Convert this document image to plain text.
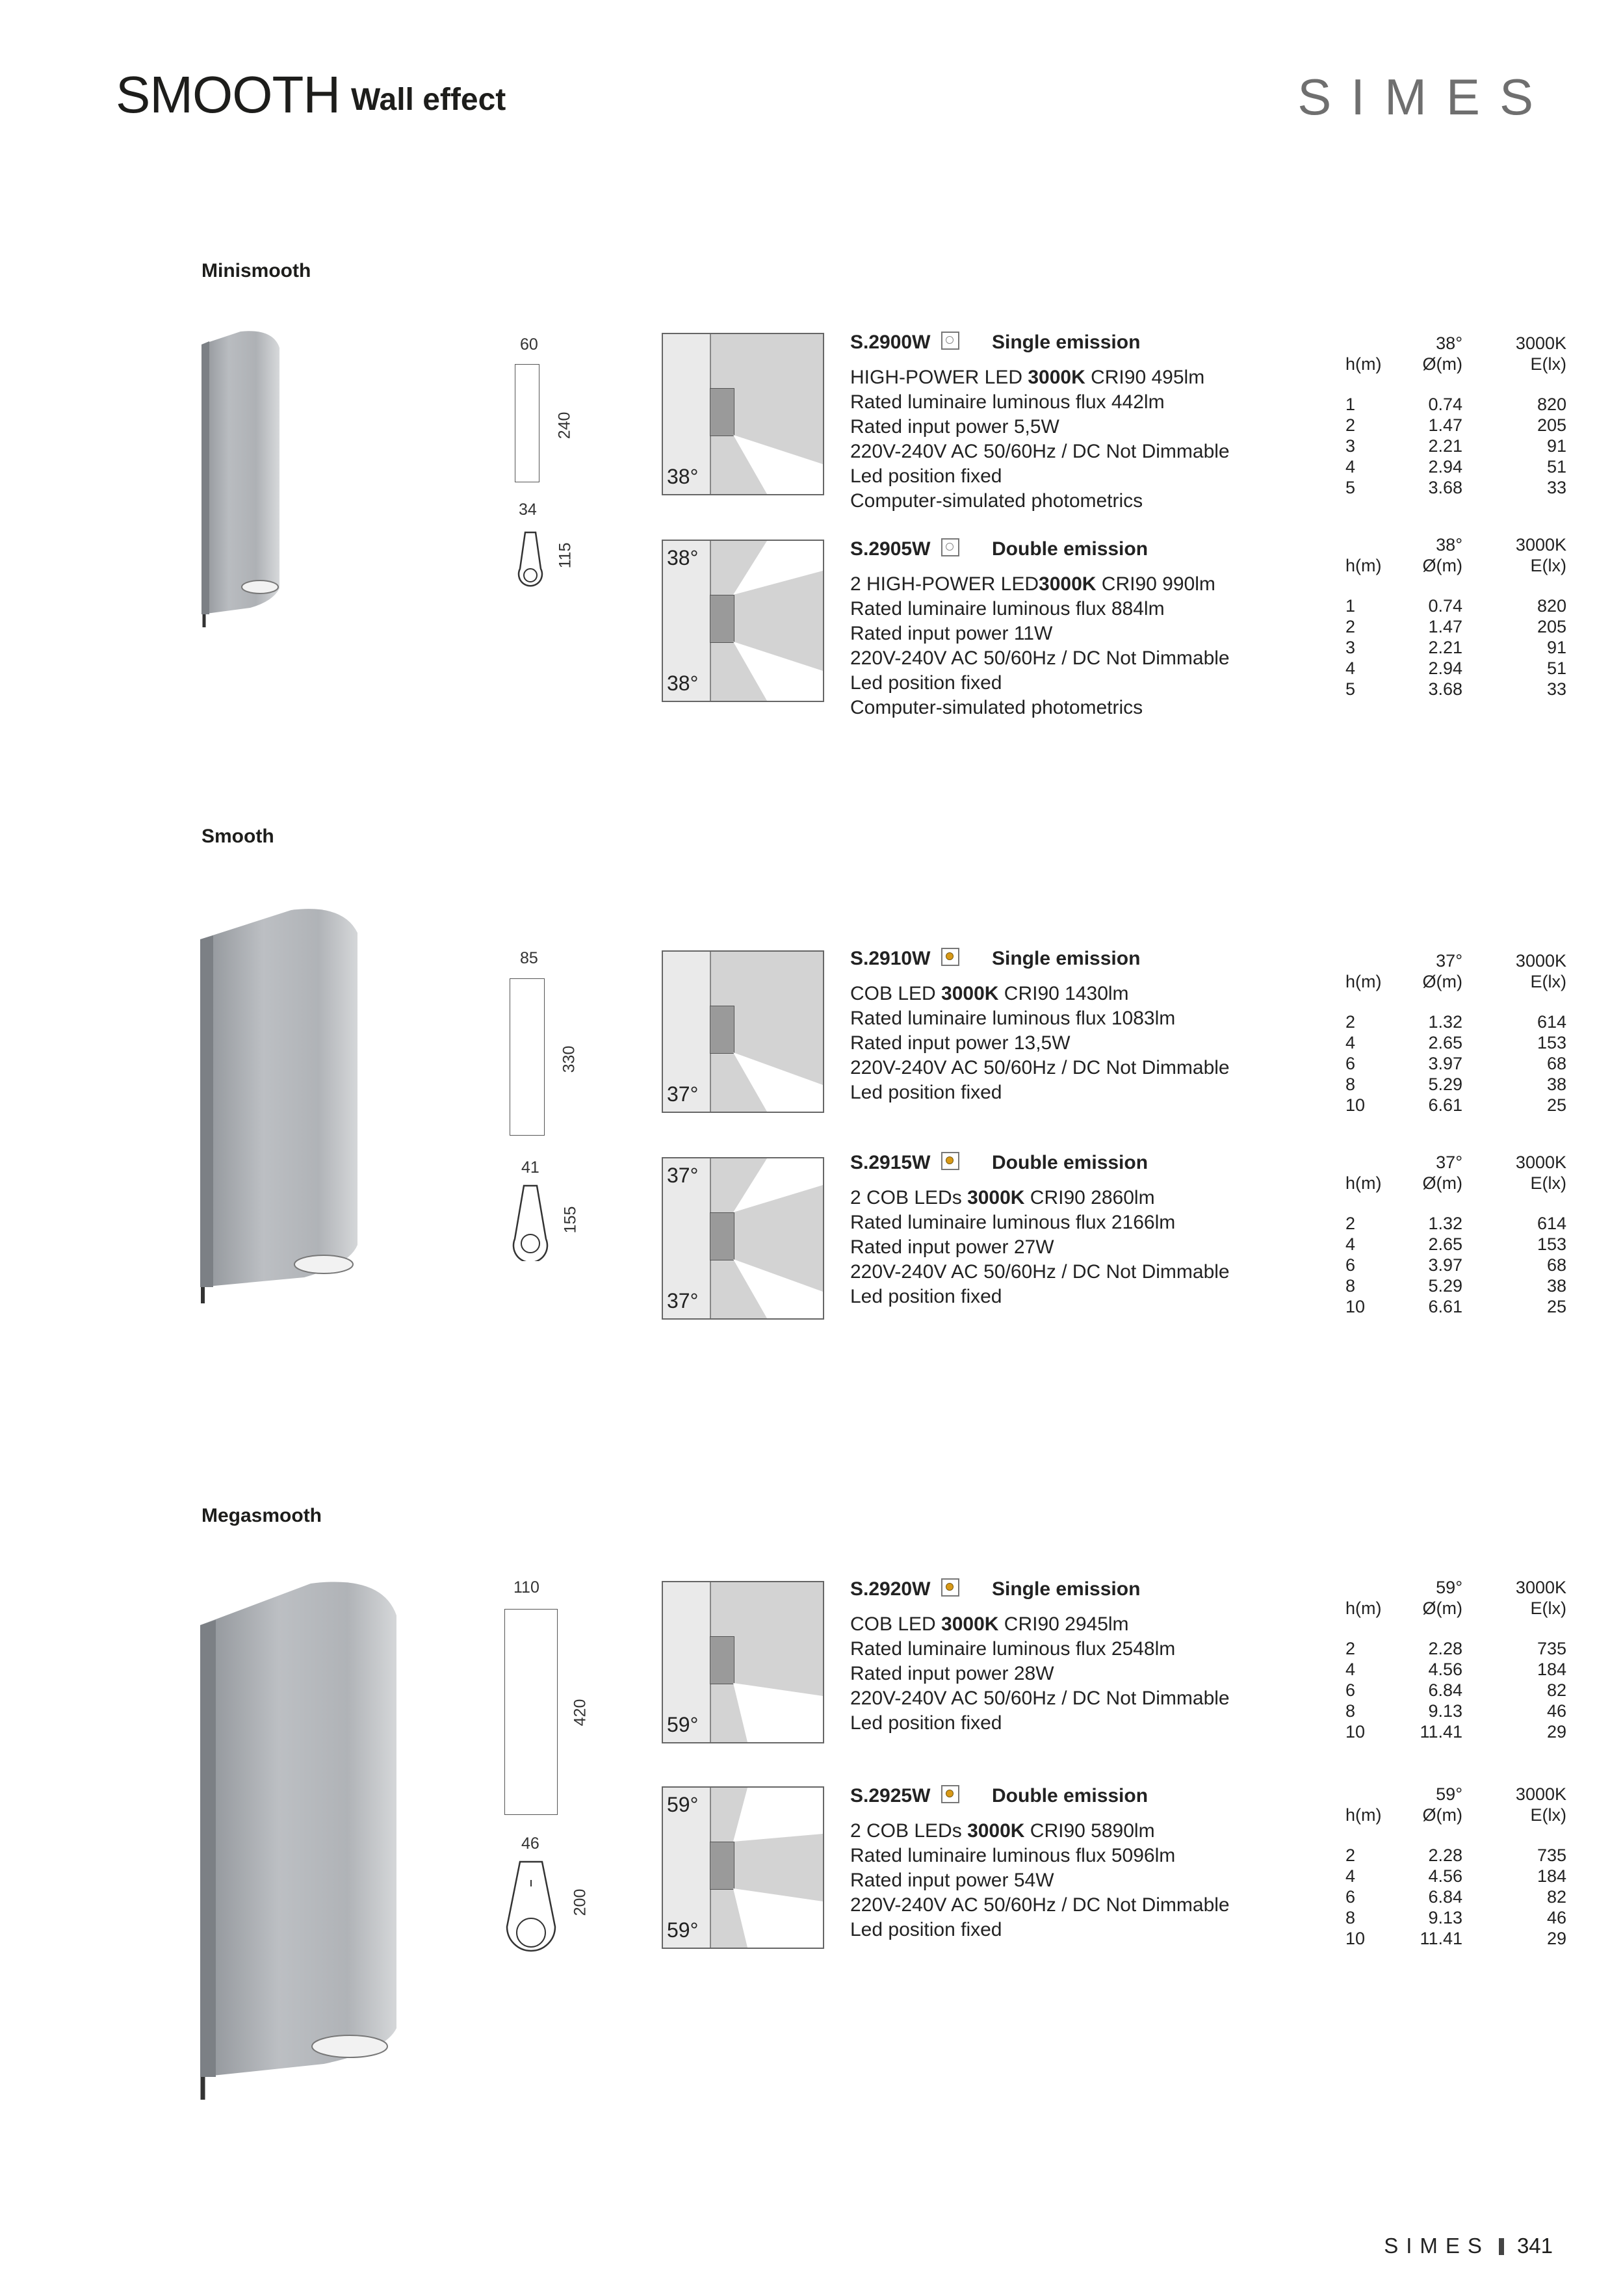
SMOOTH Wall effect	SIMES
Minismooth
60
240
34
115
38°
S.2900W	Single emission
HIGH-POWER LED 3000K CRI90 495lm
Rated luminaire luminous flux 442lm
Rated input power 5,5W
220V-240V AC 50/60Hz / DC Not Dimmable
Led position fixed
Computer-simulated photometrics
38°	3000K
h(m) Ø(m)	E(lx)
1	0.74	820
2	1.47	205
3	2.21	91
4	2.94	51
5	3.68	33
38°
38°
S.2905W	Double emission
2 HIGH-POWER LED3000K CRI90 990lm
Rated luminaire luminous flux 884lm
Rated input power 11W
220V-240V AC 50/60Hz / DC Not Dimmable
Led position fixed
Computer-simulated photometrics
38°	3000K
h(m) Ø(m)	E(lx)
1	0.74	820
2	1.47	205
3	2.21	91
4	2.94	51
5	3.68	33
Smooth
85
330
41
155
37°
S.2910W	Single emission
COB LED 3000K CRI90 1430lm
Rated luminaire luminous flux 1083lm
Rated input power 13,5W
220V-240V AC 50/60Hz / DC Not Dimmable
Led position fixed
37°	3000K
h(m) Ø(m)	E(lx)
2	1.32	614
4	2.65	153
6	3.97	68
8	5.29	38
10	6.61	25
37°
37°
S.2915W	Double emission
2 COB LEDs 3000K CRI90 2860lm
Rated luminaire luminous flux 2166lm
Rated input power 27W
220V-240V AC 50/60Hz / DC Not Dimmable
Led position fixed
37°	3000K
h(m) Ø(m)	E(lx)
2	1.32	614
4	2.65	153
6	3.97	68
8	5.29	38
10	6.61	25
Megasmooth
110
420
46
200
59°
S.2920W	Single emission
COB LED 3000K CRI90 2945lm
Rated luminaire luminous flux 2548lm
Rated input power 28W
220V-240V AC 50/60Hz / DC Not Dimmable
Led position fixed
59°	3000K
h(m) Ø(m)	E(lx)
2	2.28	735
4	4.56	184
6	6.84	82
8	9.13	46
10	11.41	29
59°
59°
S.2925W	Double emission
2 COB LEDs 3000K CRI90 5890lm
Rated luminaire luminous flux 5096lm
Rated input power 54W
220V-240V AC 50/60Hz / DC Not Dimmable
Led position fixed
59°	3000K
h(m) Ø(m)	E(lx)
2	2.28	735
4	4.56	184
6	6.84	82
8	9.13	46
10	11.41	29
SIMES 341
